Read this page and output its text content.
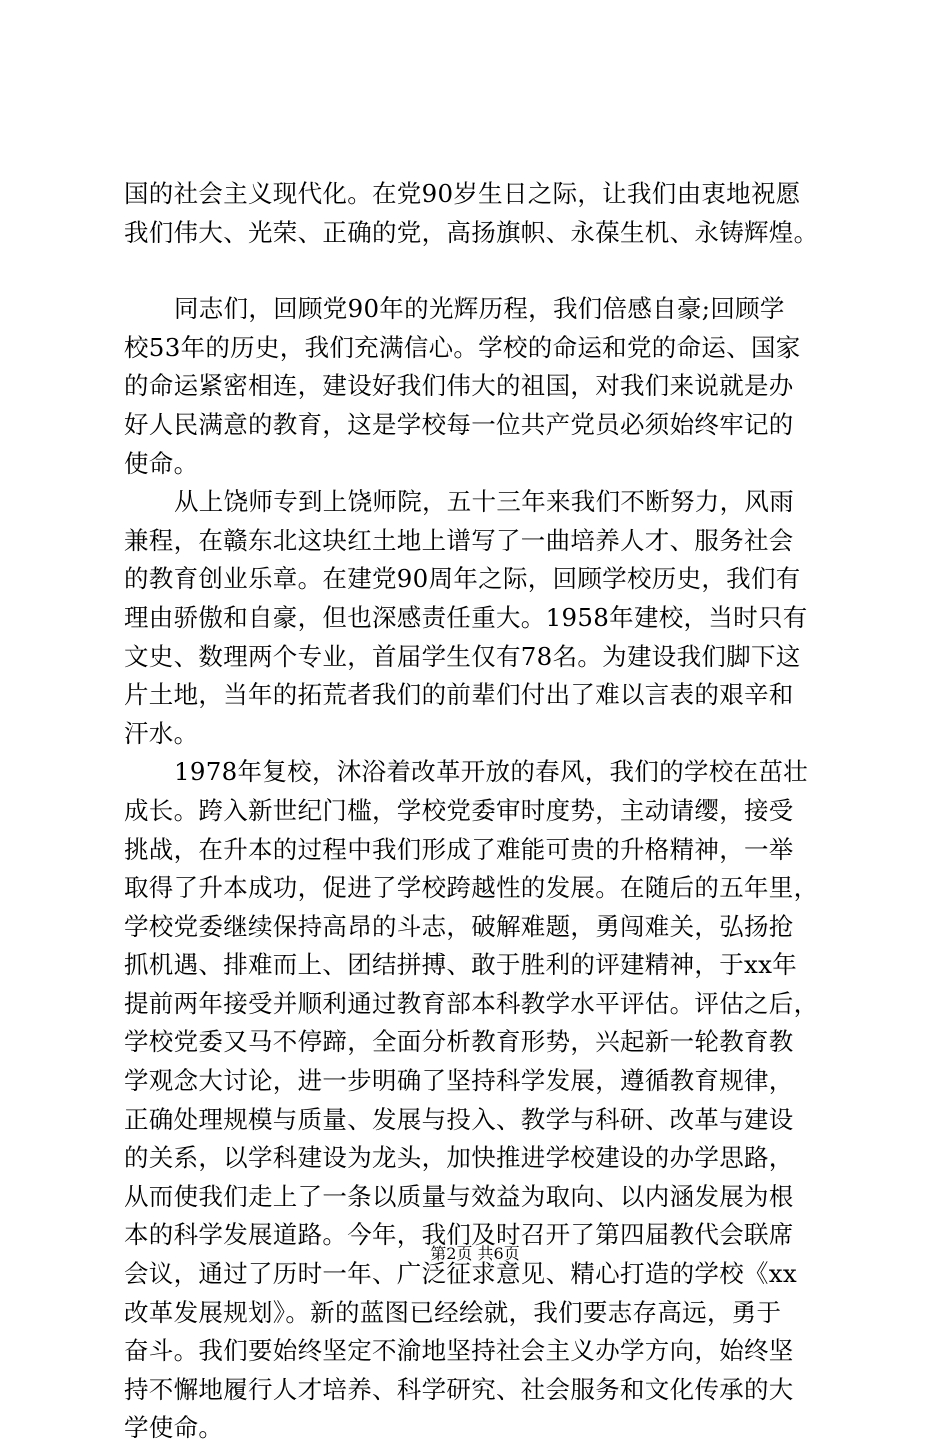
国的社会主义现代化。在党90岁生日之际，让我们由衷地祝愿
我们伟大、光荣、正确的党，高扬旗帜、永葆生机、永铸辉煌。
同志们，回顾党90年的光辉历程，我们倍感自豪;回顾学
校53年的历史，我们充满信心。学校的命运和党的命运、国家
的命运紧密相连，建设好我们伟大的祖国，对我们来说就是办
好人民满意的教育，这是学校每一位共产党员必须始终牢记的
使命。
从上饶师专到上饶师院，五十三年来我们不断努力，风雨
兼程，在赣东北这块红土地上谱写了一曲培养人才、服务社会
的教育创业乐章。在建党90周年之际，回顾学校历史，我们有
理由骄傲和自豪，但也深感责任重大。1958年建校，当时只有
文史、数理两个专业，首届学生仅有78名。为建设我们脚下这
片土地，当年的拓荒者我们的前辈们付出了难以言表的艰辛和
汗水。
1978年复校，沐浴着改革开放的春风，我们的学校在茁壮
成长。跨入新世纪门槛，学校党委审时度势，主动请缨，接受
挑战，在升本的过程中我们形成了难能可贵的升格精神，一举
取得了升本成功，促进了学校跨越性的发展。在随后的五年里，
学校党委继续保持高昂的斗志，破解难题，勇闯难关，弘扬抢
抓机遇、排难而上、团结拼搏、敢于胜利的评建精神，于xx年
提前两年接受并顺利通过教育部本科教学水平评估。评估之后，
学校党委又马不停蹄，全面分析教育形势，兴起新一轮教育教
学观念大讨论，进一步明确了坚持科学发展，遵循教育规律，
正确处理规模与质量、发展与投入、教学与科研、改革与建设
的关系，以学科建设为龙头，加快推进学校建设的办学思路，
从而使我们走上了一条以质量与效益为取向、以内涵发展为根
本的科学发展道路。今年，我们及时召开了第四届教代会联席
会议，通过了历时一年、广泛征求意见、精心打造的学校《xx
改革发展规划》。新的蓝图已经绘就，我们要志存高远，勇于
奋斗。我们要始终坚定不渝地坚持社会主义办学方向，始终坚
持不懈地履行人才培养、科学研究、社会服务和文化传承的大
学使命。
第2页 共6页
